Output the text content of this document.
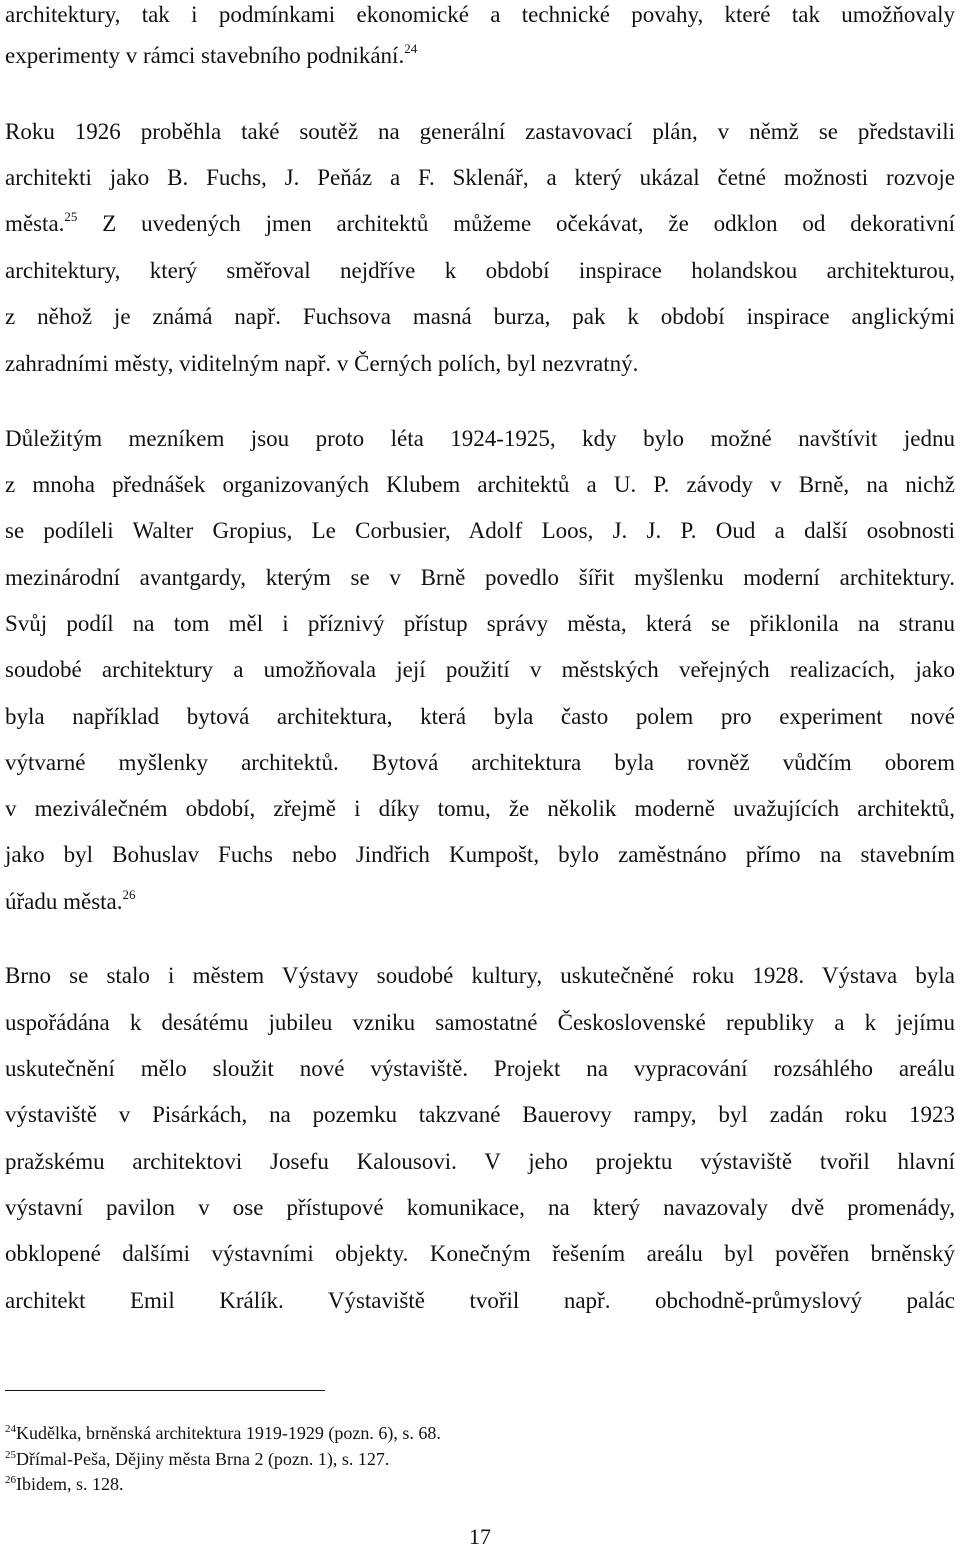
architektury, tak i podmínkami ekonomické a technické povahy, které tak umožňovaly
experimenty v rámci stavebního podnikání.$^{24}$
Roku 1926 proběhla také soutěž na generální zastavovací plán, v němž se představili
architekti jako B. Fuchs, J. Peňáz a F. Sklenář, a který ukázal četné možnosti rozvoje
města.$^{25}$ Z uvedených jmen architektů můžeme očekávat, že odklon od dekorativní
architektury, který směřoval nejdříve k období inspirace holandskou architekturou,
z něhož je známá např. Fuchsova masná burza, pak k období inspirace anglickými
zahradními městy, viditelným např. v Černých polích, byl nezvratný.
Důležitým mezníkem jsou proto léta 1924-1925, kdy bylo možné navštívit jednu
z mnoha přednášek organizovaných Klubem architektů a U. P. závody v Brně, na nichž
se podíleli Walter Gropius, Le Corbusier, Adolf Loos, J. J. P. Oud a další osobnosti
mezinárodní avantgardy, kterým se v Brně povedlo šířit myšlenku moderní architektury.
Svůj podíl na tom měl i příznivý přístup správy města, která se přiklonila na stranu
soudobé architektury a umožňovala její použití v městských veřejných realizacích, jako
byla například bytová architektura, která byla často polem pro experiment nové
výtvarné myšlenky architektů. Bytová architektura byla rovněž vůdčím oborem
v meziválečném období, zřejmě i díky tomu, že několik moderně uvažujících architektů,
jako byl Bohuslav Fuchs nebo Jindřich Kumpošt, bylo zaměstnáno přímo na stavebním
úřadu města.$^{26}$
Brno se stalo i městem Výstavy soudobé kultury, uskutečněné roku 1928. Výstava byla
uspořádána k desátému jubileu vzniku samostatné Československé republiky a k jejímu
uskutečnění mělo sloužit nové výstaviště. Projekt na vypracování rozsáhlého areálu
výstaviště v Pisárkách, na pozemku takzvané Bauerovy rampy, byl zadán roku 1923
pražskému architektovi Josefu Kalousovi. V jeho projektu výstaviště tvořil hlavní
výstavní pavilon v ose přístupové komunikace, na který navazovaly dvě promenády,
obklopené dalšími výstavními objekty. Konečným řešením areálu byl pověřen brněnský
architekt Emil Králík. Výstaviště tvořil např. obchodně-průmyslový palác
$^{24}$Kudělka, brněnská architektura 1919-1929 (pozn. 6), s. 68.
$^{25}$Dřímal-Peša, Dějiny města Brna 2 (pozn. 1), s. 127.
$^{26}$Ibidem, s. 128.
17
